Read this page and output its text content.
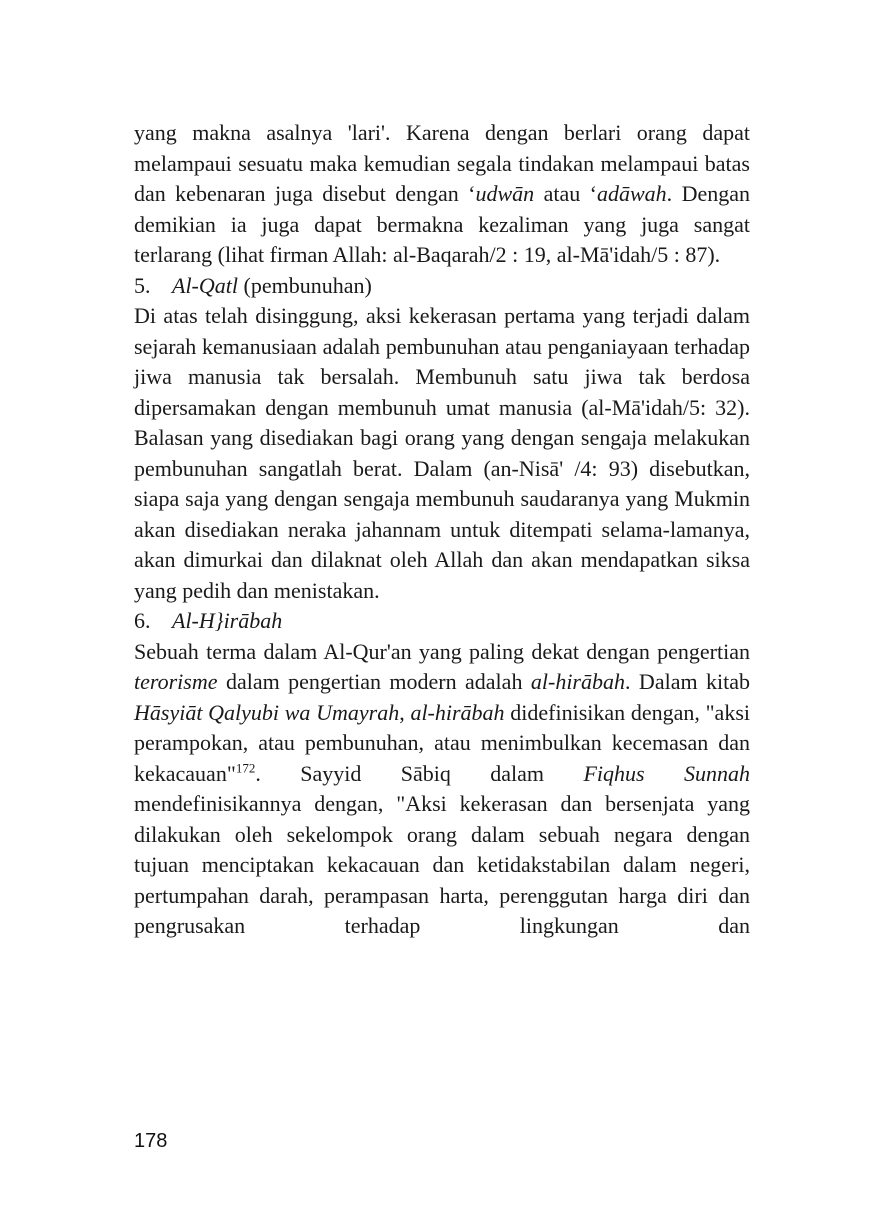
yang makna asalnya 'lari'. Karena dengan berlari orang dapat melampaui sesuatu maka kemudian segala tindakan melampaui batas dan kebenaran juga disebut dengan ‘udwān atau ‘adāwah. Dengan demikian ia juga dapat bermakna kezaliman yang juga sangat terlarang (lihat firman Allah: al-Baqarah/2 : 19, al-Mā'idah/5 : 87).

5. Al-Qatl (pembunuhan)

Di atas telah disinggung, aksi kekerasan pertama yang terjadi dalam sejarah kemanusiaan adalah pembunuhan atau penganiayaan terhadap jiwa manusia tak bersalah. Membunuh satu jiwa tak berdosa dipersamakan dengan membunuh umat manusia (al-Mā'idah/5: 32). Balasan yang disediakan bagi orang yang dengan sengaja melakukan pembunuhan sangatlah berat. Dalam (an-Nisā' /4: 93) disebutkan, siapa saja yang dengan sengaja membunuh saudaranya yang Mukmin akan disediakan neraka jahannam untuk ditempati selama-lamanya, akan dimurkai dan dilaknat oleh Allah dan akan mendapatkan siksa yang pedih dan menistakan.

6. Al-H}irābah

Sebuah terma dalam Al-Qur'an yang paling dekat dengan pengertian terorisme dalam pengertian modern adalah al-hirābah. Dalam kitab Hāsyiāt Qalyubi wa Umayrah, al-hirābah didefinisikan dengan, "aksi perampokan, atau pembunuhan, atau menimbulkan kecemasan dan kekacauan"$^{172}$. Sayyid Sābiq dalam Fiqhus Sunnah mendefinisikannya dengan, "Aksi kekerasan dan bersenjata yang dilakukan oleh sekelompok orang dalam sebuah negara dengan tujuan menciptakan kekacauan dan ketidakstabilan dalam negeri, pertumpahan darah, perampasan harta, perenggutan harga diri dan pengrusakan terhadap lingkungan dan

178
